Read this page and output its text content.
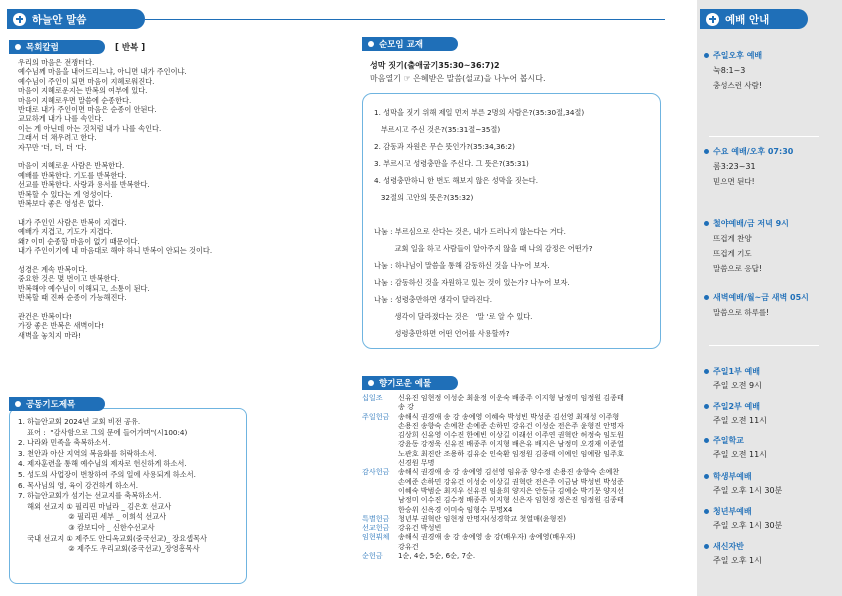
하늘안 말씀
목회칼럼	[ 반복 ]
우리의 마음은 전쟁터다.
예수님께 마음을 내어드리느냐, 아니면 내가 주인이냐.
예수님이 주인이 되면 마음이 지혜로워진다.
마음이 지혜로운지는 반복의 여부에 있다.
마음이 지혜로우면 말씀에 순종한다.
반대로 내가 주인이면 마음은 순종이 안된다.
교묘하게 내가 나를 속인다.
이는 게 아닌데 아는 것처럼 내가 나를 속인다.
그래서 더 채우려고 한다.
자꾸만 '더, 더, 더 '다.
마음이 지혜로운 사람은 반복한다.
예배를 반복한다. 기도를 반복한다.
선교를 반복한다. 사랑과 용서를 반복한다.
반복할 수 있다는 게 영성이다.
반복보다 좋은 영성은 없다.
내가 주인인 사람은 반복이 지겹다.
예배가 지겹고, 기도가 지겹다.
왜? 이미 순종할 마음이 없기 때문이다.
내가 주인이기에 내 마음대로 해야 하니 반복이 안되는 것이다.
성경은 계속 반복이다.
중요한 것은 몇 번이고 반복한다.
반복해야 예수님이 이해되고, 소통이 된다.
반복할 때 진짜 순종이 가능해진다.
관건은 반복이다!
가장 좋은 반복은 새벽이다!
새벽을 놓치지 마라!
공동기도제목
1. 하늘안교회 2024년 교회 비전 공유.
표어 :  "감사함으로 그의 문에 들어가며"(시100:4)
2. 나라와 민족을 축복하소서.
3. 천안과 아산 지역의 복음화를 허락하소서.
4. 제자훈련을 통해 예수님의 제자로 헌신하게 하소서.
5. 성도의 사업장이 번창하여 주의 일에 사용되게 하소서.
6. 목사님의 영, 육이 강건하게 하소서.
7. 하늘안교회가 섬기는 선교지를 축복하소서.
해외 선교지 ① 필리핀 마닐라 _ 김은호 선교사
② 필리핀 세부 _ 이희석 선교사
③ 캄보디아 _ 신한수선교사
국내 선교지 ① 제주도 안디옥교회(중국선교)_ 장요셉목사
② 제주도 우리교회(중국선교)_장영흥목사
순모임 교재
성막 짓기(출애굽기35:30~36:7)2
마음열기 ☞ 은혜받은 말씀(설교)을 나누어 봅시다.
1. 성막을 짓기 위해 제일 먼저 부른 2명의 사람은?(35:30절,34절)
부르시고 주신 것은?(35:31절~35절)
2. 감동과 자원은 무슨 뜻인가?(35:34,36:2)
3. 부르시고 성령충만을 주신다. 그 뜻은?(35:31)
4. 성령충만하니 한 번도 해보지 않은 성막을 짓는다.
32절의 고안의 뜻은?(35:32)
나눔 : 부르심으로 산다는 것은, 내가 드러나지 않는다는 거다.
교회 일을 하고 사람들이 알아주지 않을 때 나의 감정은 어떤가?
나눔 : 하나님이 말씀을 통해 감동하신 것을 나누어 보자.
나눔 : 감동하신 것을 자원하고 있는 것이 있는가? 나누어 보자.
나눔 : 성령충만하면 생각이 달라진다.
생각이 달라졌다는 것은   '말 '로 알 수 있다.
성령충만하면 어떤 언어를 사용할까?
향기로운 예물
십일조	신유진 임현정 이성순 최윤정 이운숙 배종주 이지형 남정미 임정원 김종태
송 강
주일헌금	송해식 권경애 송 강 송예영 이혜숙 박성빈 박성준 김선영 최재성 이주형
손용진 송향숙 손예찬 손예준 손하민 강유건 이성순 전은주 윤형진 안명자
김상희 신유영 이수진 한예빈 이상길 이래선 이주연 권혁란 허정숙 임도원
강윤동 강정욱 신유진 배종주 이지형 배은유 배지은 남정미 오경재 이준열
노관호 최진란 조용하 김유순 인숙환 임정원 김종태 이예인 임예람 임주호
신경원 무명
감사헌금	송해식 권경애 송 강 송예영 김선영 임유종 양수정 손용진 송향숙 손예찬
손예준 손하민 강유건 이성순 이상길 권혁란 전은주 이금남 박성빈 박성준
이혜숙 박범순 최지우 신유진 임윤희 양지은 안동규 김예순 박기문 양지선
남정미 이수진 김수정 배종주 이지형 신은자 임현정 정은진 임정원 김종태
한승위 신옥경 이미숙 임형수 무명X4
특별헌금	청년부 권혁란 임현정 안명자(성경학교 첫열매(윤형진)
선교헌금	강유건 박성빈
임현뷔체	송해식 권경애 송 강 송예영 송 강(배우자) 송예영(배우자)
강유건
순헌금	1순, 4순, 5순, 6순, 7순.
예배 안내
주일오후 예배
눅8:1~3
충성스런 사람!
수요 예배/오후 07:30
롬3:23~31
믿으면 된다!
철야예배/금 저녁 9시
뜨겁게 찬양
뜨겁게 기도
말씀으로 응답!
새벽예배/월~금 새벽 05시
말씀으로 하루를!
주일1부 예배
주일 오전 9시
주일2부 예배
주일 오전 11시
주일학교
주일 오전 11시
학생부예배
주일 오후 1시 30분
청년부예배
주일 오후 1시 30분
새신자반
주일 오후 1시
